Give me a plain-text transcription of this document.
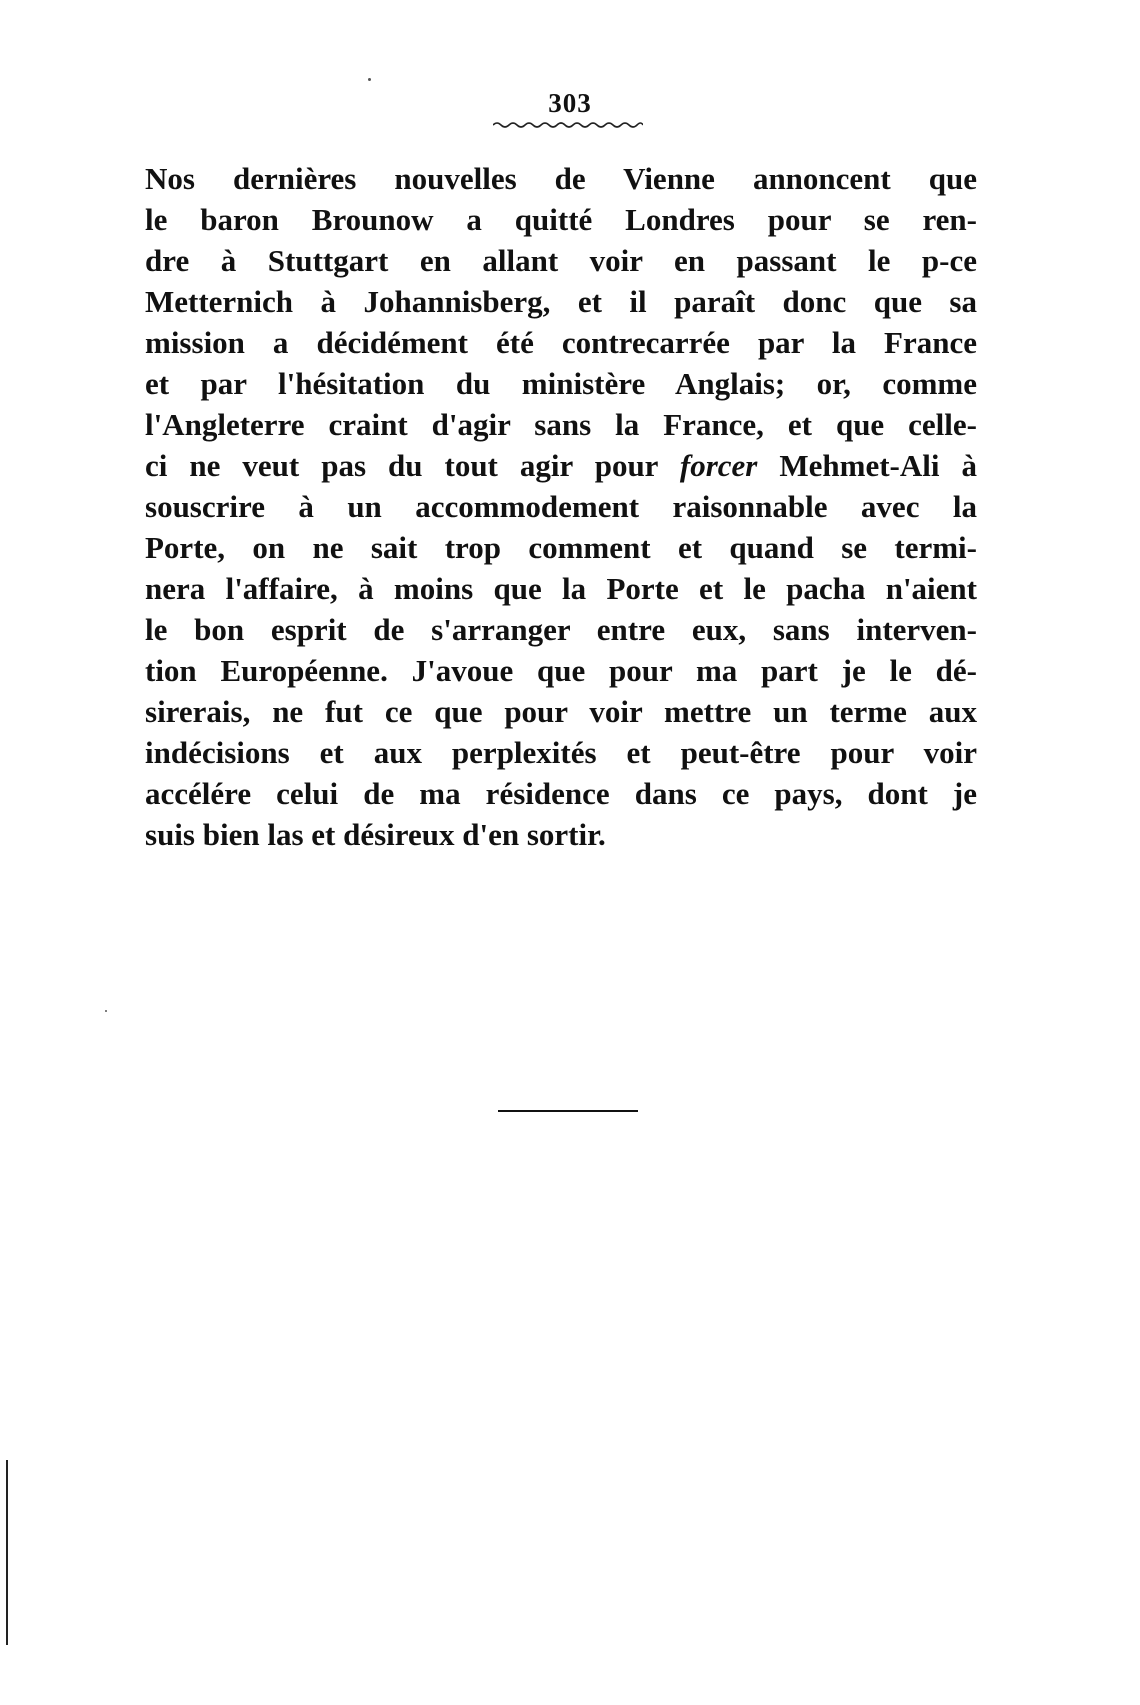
303
Nos dernières nouvelles de Vienne annoncent que
le baron Brounow a quitté Londres pour se ren-
dre à Stuttgart en allant voir en passant le p-ce
Metternich à Johannisberg, et il paraît donc que sa
mission a décidément été contrecarrée par la France
et par l'hésitation du ministère Anglais; or, comme
l'Angleterre craint d'agir sans la France, et que celle-
ci ne veut pas du tout agir pour forcer Mehmet-Ali à
souscrire à un accommodement raisonnable avec la
Porte, on ne sait trop comment et quand se termi-
nera l'affaire, à moins que la Porte et le pacha n'aient
le bon esprit de s'arranger entre eux, sans interven-
tion Européenne. J'avoue que pour ma part je le dé-
sirerais, ne fut ce que pour voir mettre un terme aux
indécisions et aux perplexités et peut-être pour voir
accélére celui de ma résidence dans ce pays, dont je
suis bien las et désireux d'en sortir.
